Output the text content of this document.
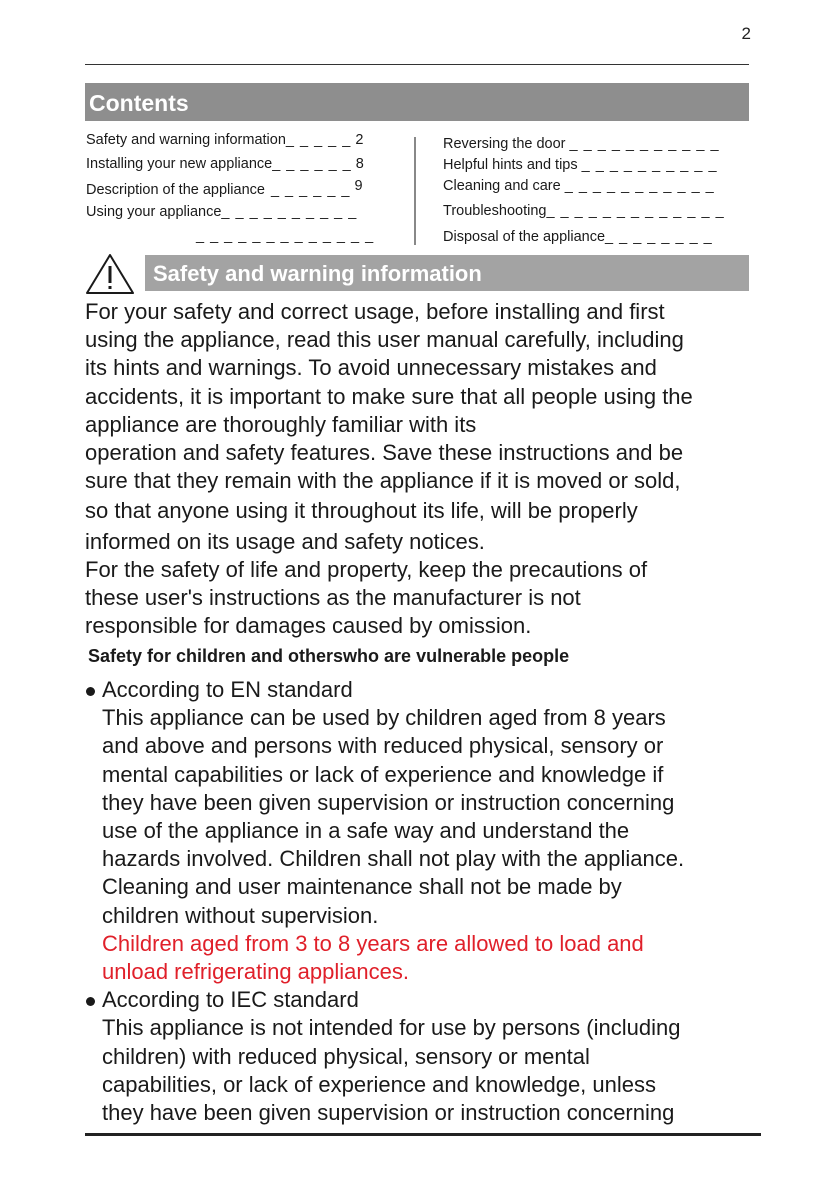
2
Contents
Safety and warning information_ _ _ _ _ 2
Installing your new appliance_ _ _ _ _ _ 8
Description of the appliance _ _ _ _ _ _ 9
Using your appliance_ _ _ _ _ _ _ _ _ _
_ _ _ _ _ _ _ _ _ _ _ _ _
Reversing the door _ _ _ _ _ _ _ _ _ _ _
Helpful hints and tips _ _ _ _ _ _ _ _ _ _
Cleaning and care _ _ _ _ _ _ _ _ _ _ _
Troubleshooting_ _ _ _ _ _ _ _ _ _ _ _ _
Disposal of the appliance_ _ _ _ _ _ _ _
Safety and warning information

For your safety and correct usage, before installing and first

using the appliance, read this user manual carefully, including

its hints and warnings. To avoid unnecessary mistakes and

accidents, it is important to make sure that all people using the

appliance are thoroughly familiar with its

operation and safety features. Save these instructions and be

sure that they remain with the appliance if it is moved or sold,

so that anyone using it throughout its life, will be properly

informed on its usage and safety notices.

For the safety of life and property, keep the precautions of

these user's instructions as the manufacturer is not

responsible for damages caused by omission.

Safety for children and otherswho are vulnerable people

According to EN standard

This appliance can be used by children aged from 8 years

and above and persons with reduced physical, sensory or

mental capabilities or lack of experience and knowledge if

they have been given supervision or instruction concerning

use of the appliance in a safe way and understand the

hazards involved. Children shall not play with the appliance.

Cleaning and user maintenance shall not be made by

children without supervision.

Children aged from 3 to 8 years are allowed to load and

unload refrigerating appliances.

According to IEC standard

This appliance is not intended for use by persons (including

children) with reduced physical, sensory or mental

capabilities, or lack of experience and knowledge, unless

they have been given supervision or instruction concerning
